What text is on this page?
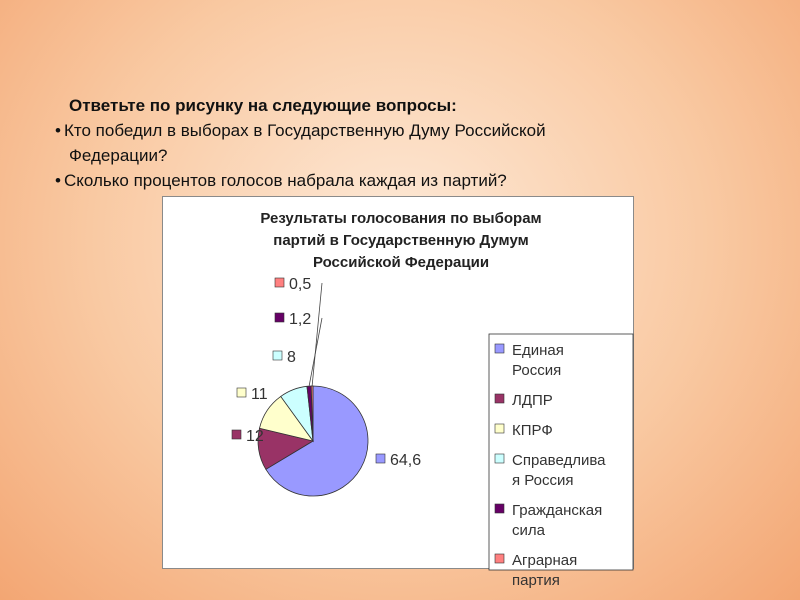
Ответьте по рисунку на следующие вопросы:
• Кто победил в выборах в Государственную Думу Российской
Федерации?
• Сколько процентов голосов набрала каждая из партий?
Результаты голосования по выборам
партий в Государственную Думум
Российской Федерации
64,6
12
11
8
1,2
0,5
Единая
Россия
ЛДПР
КПРФ
Справедлива
я Россия
Гражданская
сила
Аграрная
партия
